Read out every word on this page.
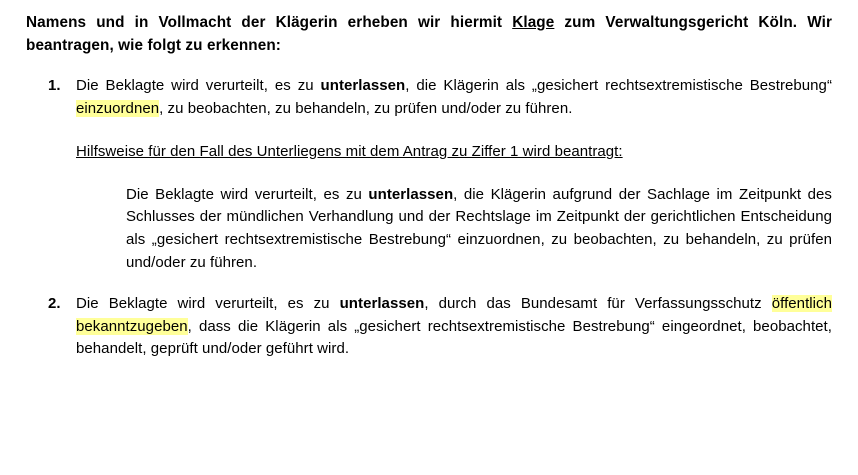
Namens und in Vollmacht der Klägerin erheben wir hiermit Klage zum Verwaltungsgericht Köln. Wir beantragen, wie folgt zu erkennen:

1. Die Beklagte wird verurteilt, es zu unterlassen, die Klägerin als „gesichert rechtsextremistische Bestrebung“ einzuordnen, zu beobachten, zu behandeln, zu prüfen und/oder zu führen.

Hilfsweise für den Fall des Unterliegens mit dem Antrag zu Ziffer 1 wird beantragt:

Die Beklagte wird verurteilt, es zu unterlassen, die Klägerin aufgrund der Sachlage im Zeitpunkt des Schlusses der mündlichen Verhandlung und der Rechtslage im Zeitpunkt der gerichtlichen Entscheidung als „gesichert rechtsextremistische Bestrebung“ einzuordnen, zu beobachten, zu behandeln, zu prüfen und/oder zu führen.

2. Die Beklagte wird verurteilt, es zu unterlassen, durch das Bundesamt für Verfassungsschutz öffentlich bekanntzugeben, dass die Klägerin als „gesichert rechtsextremistische Bestrebung“ eingeordnet, beobachtet, behandelt, geprüft und/oder geführt wird.
